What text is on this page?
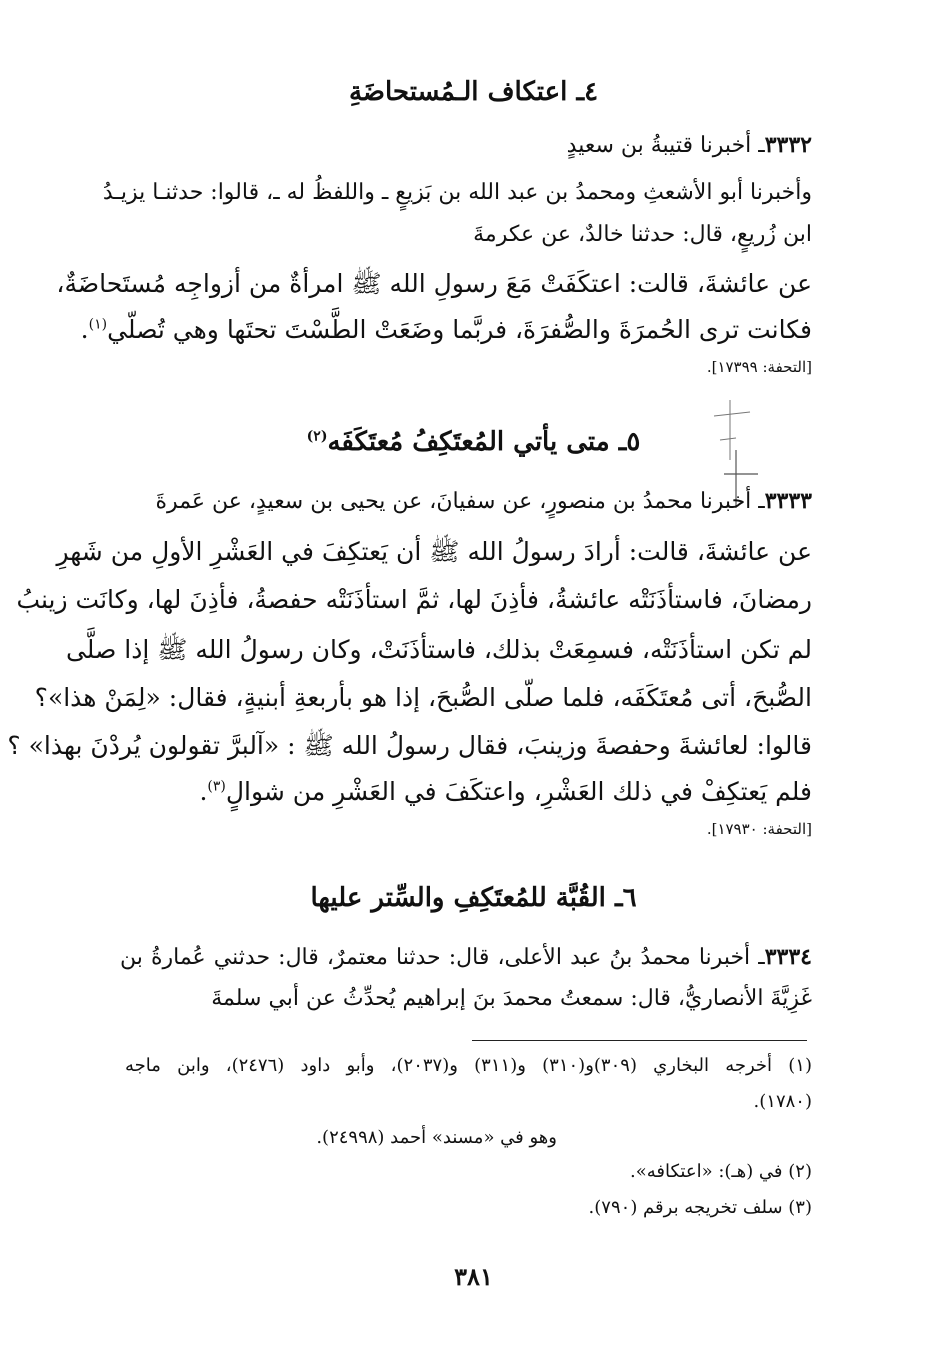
٤ـ اعتكاف الـمُستحاضَةِ
٣٣٣٢ـ أخبرنا قتيبةُ بن سعيدٍ
وأخبرنا أبو الأشعثِ ومحمدُ بن عبد الله بن بَزيعٍ ـ واللفظُ له ـ، قالوا: حدثنـا يزيـدُ
ابن زُريعٍ، قال: حدثنا خالدٌ، عن عكرمةَ
عن عائشةَ، قالت: اعتكَفَتْ مَعَ رسولِ الله ﷺ امرأةٌ من أزواجِه مُستَحاضَةٌ،
فكانت ترى الحُمرَةَ والصُّفرَةَ، فربَّما وضَعَتْ الطَّسْتَ تحتَها وهي تُصلّي$^{(١)}$.
[التحفة: ١٧٣٩٩].
٥ـ متى يأتي المُعتَكِفُ مُعتَكَفَه$^{(٢)}$
٣٣٣٣ـ أخبرنا محمدُ بن منصورٍ، عن سفيانَ، عن يحيى بن سعيدٍ، عن عَمرةَ
عن عائشةَ، قالت: أرادَ رسولُ الله ﷺ أن يَعتكِفَ في العَشْرِ الأولِ من شَهرِ
رمضانَ، فاستأذَنَتْه عائشةُ، فأذِنَ لها، ثمَّ استأذَنَتْه حفصةُ، فأذِنَ لها، وكانَت زينبُ
لم تكن استأذَنَتْه، فسمِعَتْ بذلك، فاستأذَنَتْ، وكان رسولُ الله ﷺ إذا صلَّى
الصُّبحَ، أتى مُعتَكَفَه، فلما صلّى الصُّبحَ، إذا هو بأربعةِ أبنيةٍ، فقال: «لِمَنْ هذا»؟
قالوا: لعائشةَ وحفصةَ وزينبَ، فقال رسولُ الله ﷺ : «آلبرَّ تقولون يُردْنَ بهذا» ؟
فلم يَعتكِفْ في ذلك العَشْرِ، واعتكَفَ في العَشْرِ من شوالٍ$^{(٣)}$.
[التحفة: ١٧٩٣٠].
٦ـ القُبَّة للمُعتَكِفِ والسِّتر عليها
٣٣٣٤ـ أخبرنا محمدُ بنُ عبد الأعلى، قال: حدثنا معتمرٌ، قال: حدثني عُمارةُ بن
غَزِيَّةَ الأنصاريُّ، قال: سمعتُ محمدَ بنَ إبراهيم يُحدِّثُ عن أبي سلمةَ
(١) أخرجه البخاري (٣٠٩)و(٣١٠) و(٣١١) و(٢٠٣٧)، وأبو داود (٢٤٧٦)، وابن ماجه
(١٧٨٠).
وهو في «مسند» أحمد (٢٤٩٩٨).
(٢) في (هـ): «اعتكافه».
(٣) سلف تخريجه برقم (٧٩٠).
٣٨١
